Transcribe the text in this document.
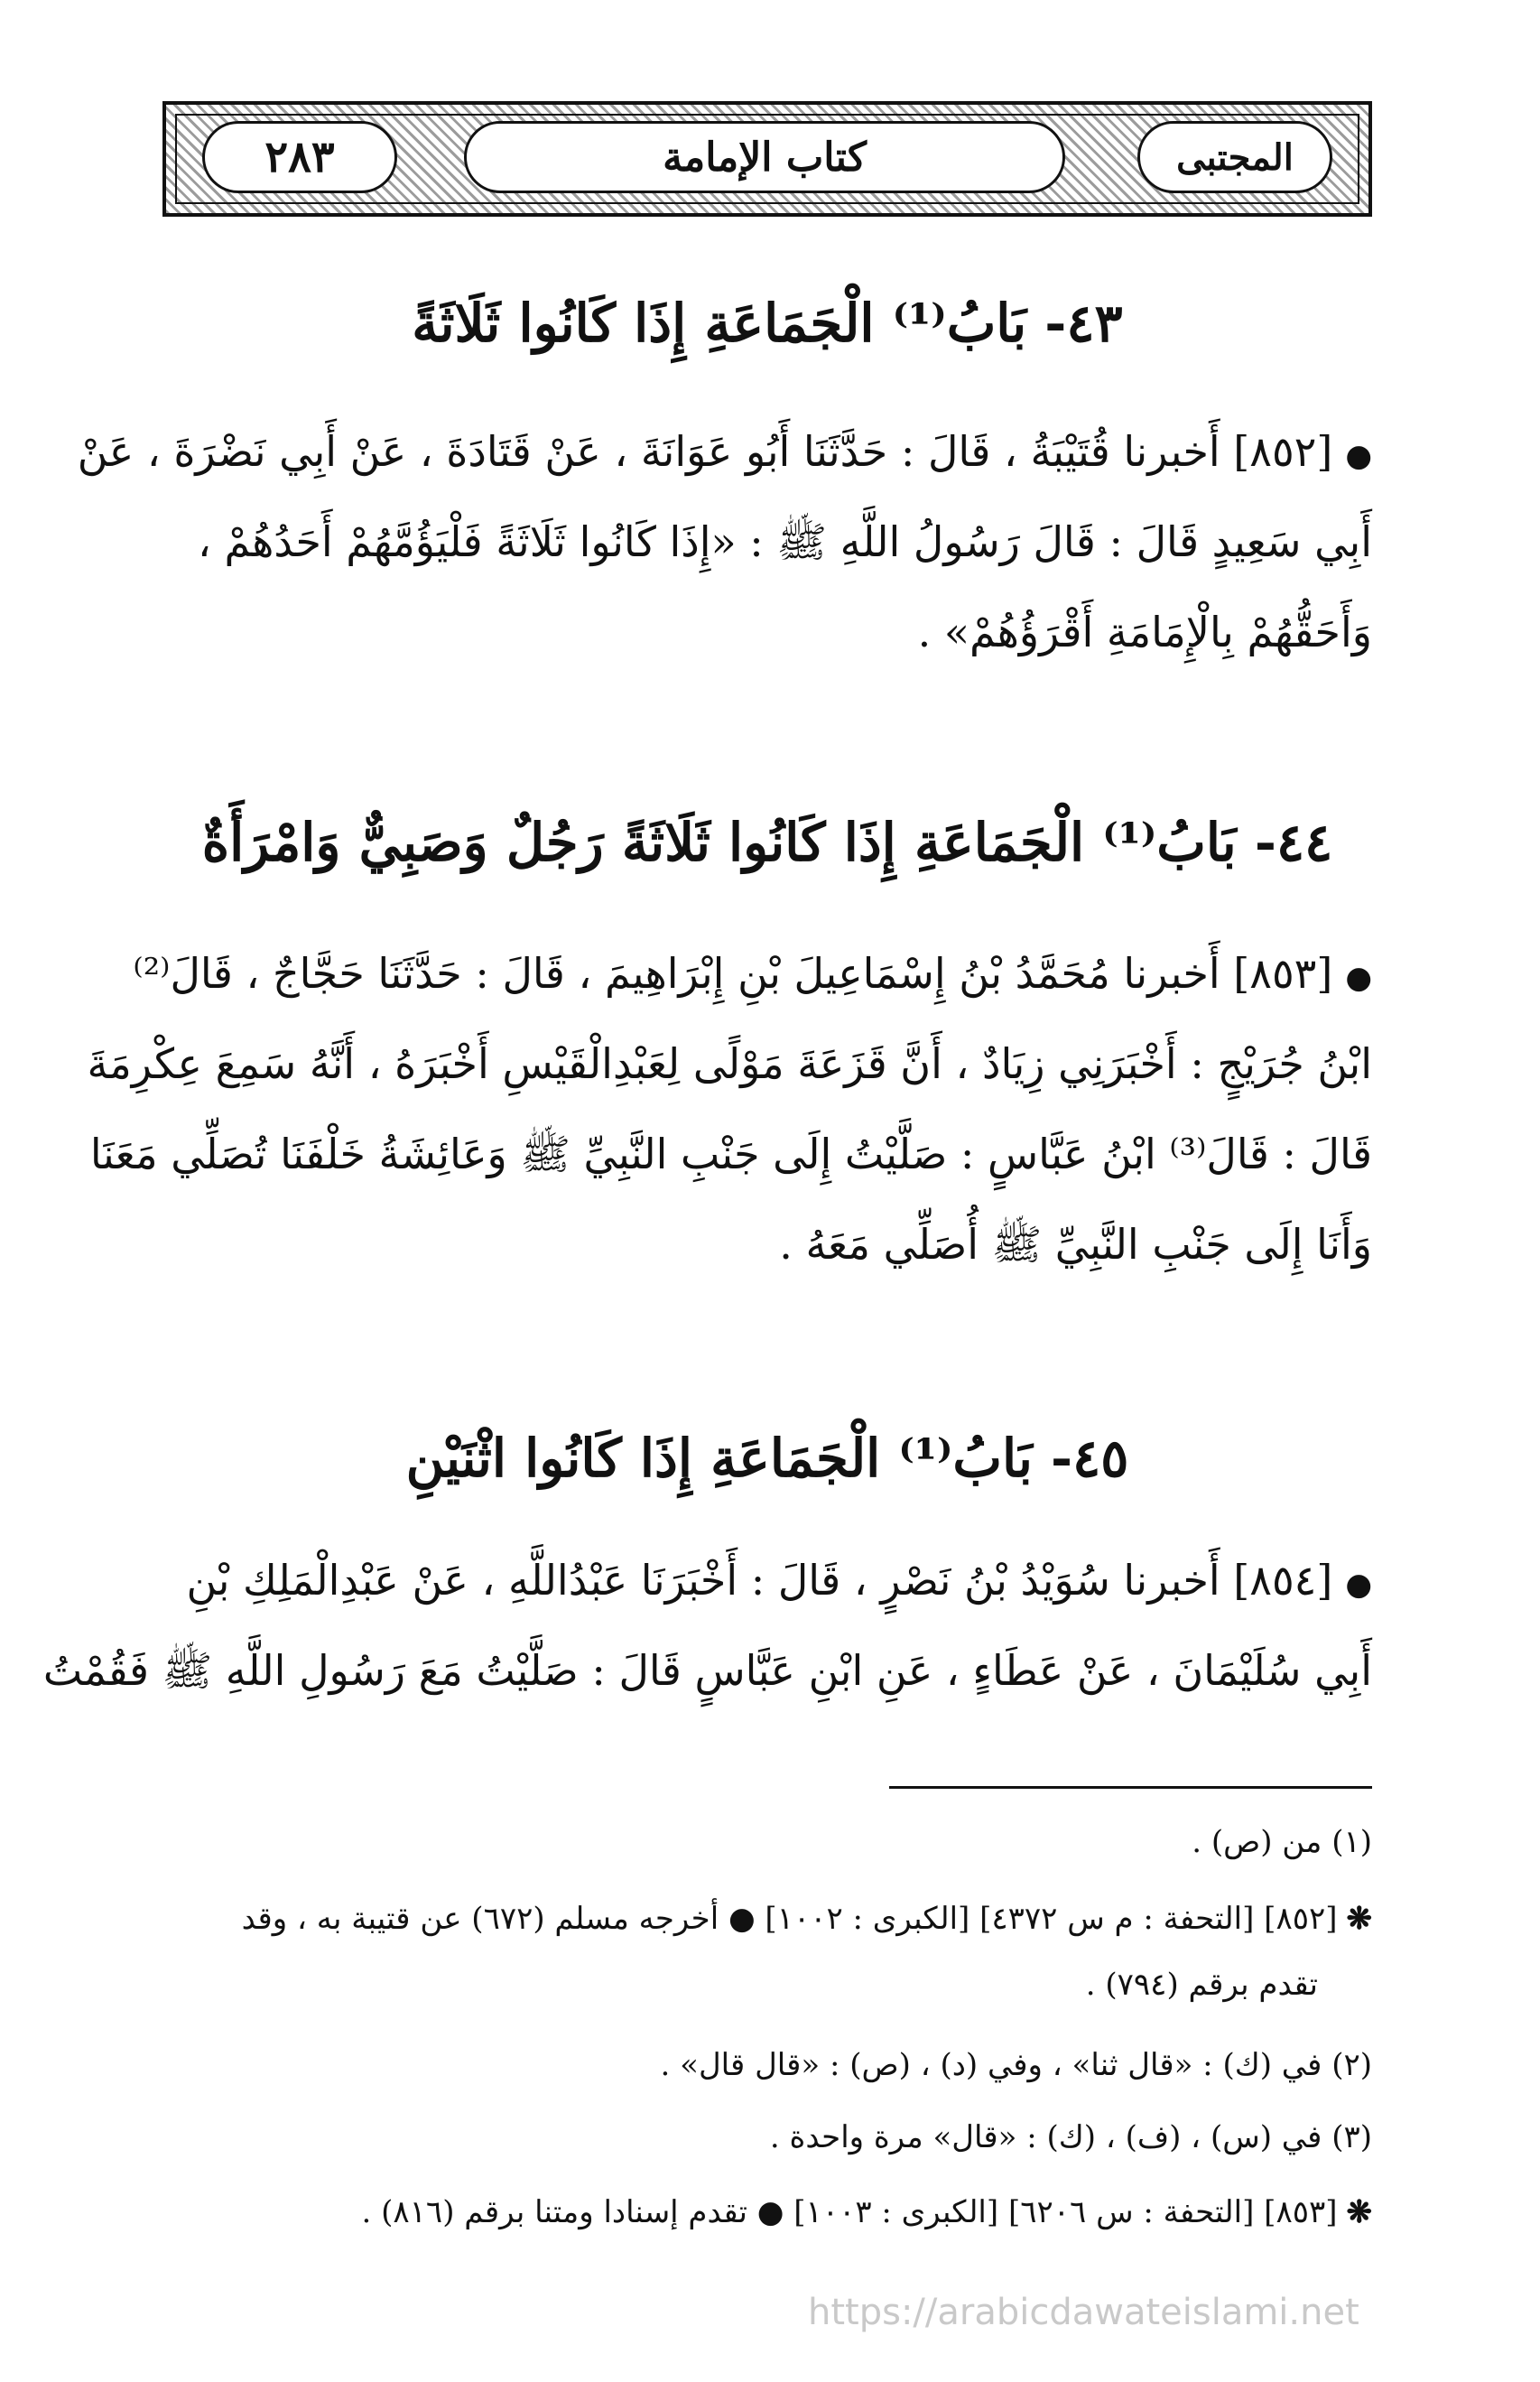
٢٨٣	كتاب الإمامة	المجتبى
٤٣- بَابُ⁽¹⁾ الْجَمَاعَةِ إِذَا كَانُوا ثَلَاثَةً
●[٨٥٢] أَخبرنا قُتَيْبَةُ ، قَالَ : حَدَّثَنَا أَبُو عَوَانَةَ ، عَنْ قَتَادَةَ ، عَنْ أَبِي نَضْرَةَ ، عَنْ
أَبِي سَعِيدٍ قَالَ : قَالَ رَسُولُ اللَّهِ ﷺ : «إِذَا كَانُوا ثَلَاثَةً فَلْيَؤُمَّهُمْ أَحَدُهُمْ ،
وَأَحَقُّهُمْ بِالْإِمَامَةِ أَقْرَؤُهُمْ» .
٤٤- بَابُ⁽¹⁾ الْجَمَاعَةِ إِذَا كَانُوا ثَلَاثَةً رَجُلٌ وَصَبِيٌّ وَامْرَأَةٌ
●[٨٥٣] أَخبرنا مُحَمَّدُ بْنُ إِسْمَاعِيلَ بْنِ إِبْرَاهِيمَ ، قَالَ : حَدَّثَنَا حَجَّاجٌ ، قَالَ⁽²⁾
ابْنُ جُرَيْجٍ : أَخْبَرَنِي زِيَادٌ ، أَنَّ قَزَعَةَ مَوْلًى لِعَبْدِالْقَيْسِ أَخْبَرَهُ ، أَنَّهُ سَمِعَ عِكْرِمَةَ
قَالَ : قَالَ⁽³⁾ ابْنُ عَبَّاسٍ : صَلَّيْتُ إِلَى جَنْبِ النَّبِيِّ ﷺ وَعَائِشَةُ خَلْفَنَا تُصَلِّي مَعَنَا
وَأَنَا إِلَى جَنْبِ النَّبِيِّ ﷺ أُصَلِّي مَعَهُ .
٤٥- بَابُ⁽¹⁾ الْجَمَاعَةِ إِذَا كَانُوا اثْنَيْنِ
●[٨٥٤] أَخبرنا سُوَيْدُ بْنُ نَصْرٍ ، قَالَ : أَخْبَرَنَا عَبْدُاللَّهِ ، عَنْ عَبْدِالْمَلِكِ بْنِ
أَبِي سُلَيْمَانَ ، عَنْ عَطَاءٍ ، عَنِ ابْنِ عَبَّاسٍ قَالَ : صَلَّيْتُ مَعَ رَسُولِ اللَّهِ ﷺ فَقُمْتُ
(١) من (ص) .
❋[٨٥٢] [التحفة : م س ٤٣٧٢] [الكبرى : ١٠٠٢] ● أخرجه مسلم (٦٧٢) عن قتيبة به ، وقد
تقدم برقم (٧٩٤) .
(٢) في (ك) : «قال ثنا» ، وفي (د) ، (ص) : «قال قال» .
(٣) في (س) ، (ف) ، (ك) : «قال» مرة واحدة .
❋[٨٥٣] [التحفة : س ٦٢٠٦] [الكبرى : ١٠٠٣] ● تقدم إسنادا ومتنا برقم (٨١٦) .
https://arabicdawateislami.net
